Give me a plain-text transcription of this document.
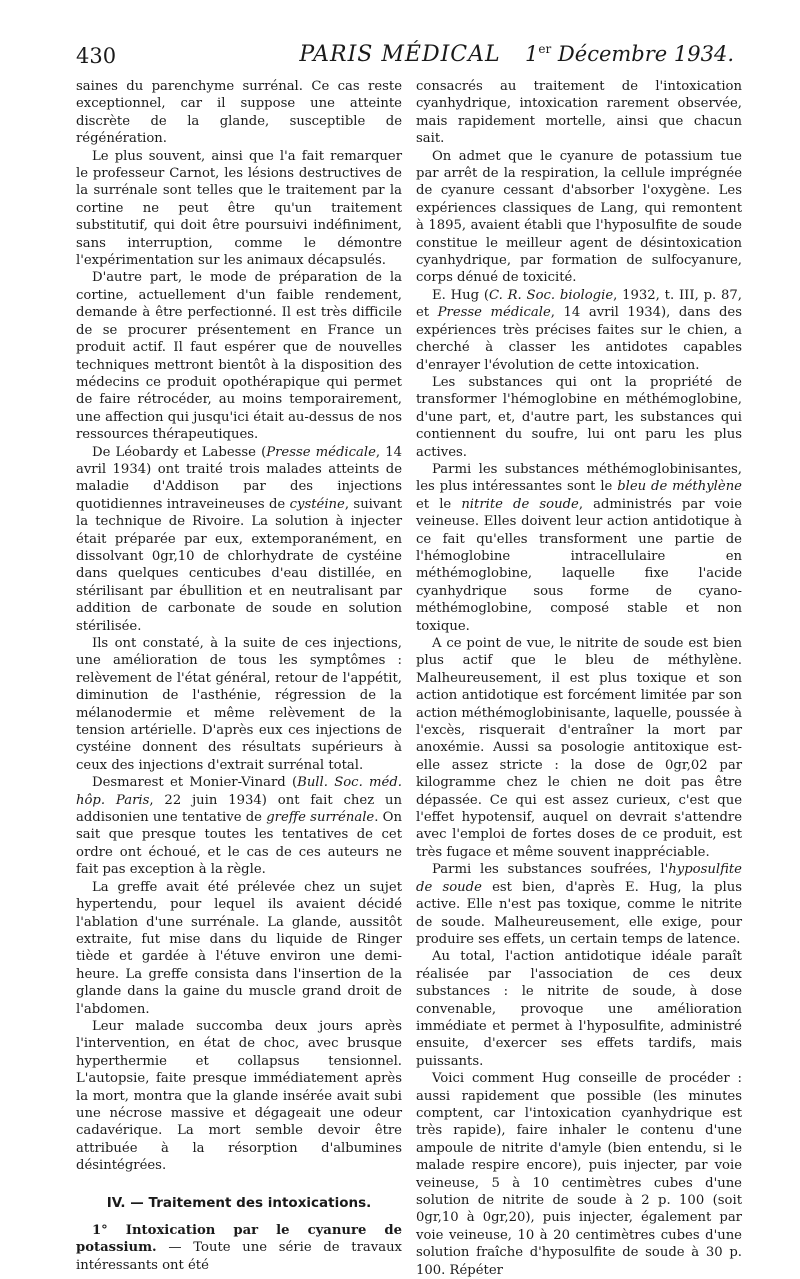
430	PARIS MÉDICAL	1er Décembre 1934.

saines du parenchyme surrénal. Ce cas reste exceptionnel, car il suppose une atteinte discrète de la glande, susceptible de régénération.

Le plus souvent, ainsi que l'a fait remarquer le professeur Carnot, les lésions destructives de la surrénale sont telles que le traitement par la cortine ne peut être qu'un traitement substitutif, qui doit être poursuivi indéfiniment, sans interruption, comme le démontre l'expérimentation sur les animaux décapsulés.

D'autre part, le mode de préparation de la cortine, actuellement d'un faible rendement, demande à être perfectionné. Il est très difficile de se procurer présentement en France un produit actif. Il faut espérer que de nouvelles techniques mettront bientôt à la disposition des médecins ce produit opothérapique qui permet de faire rétrocéder, au moins temporairement, une affection qui jusqu'ici était au-dessus de nos ressources thérapeutiques.

De Léobardy et Labesse (Presse médicale, 14 avril 1934) ont traité trois malades atteints de maladie d'Addison par des injections quotidiennes intraveineuses de cystéine, suivant la technique de Rivoire. La solution à injecter était préparée par eux, extemporanément, en dissolvant 0gr,10 de chlorhydrate de cystéine dans quelques centicubes d'eau distillée, en stérilisant par ébullition et en neutralisant par addition de carbonate de soude en solution stérilisée.

Ils ont constaté, à la suite de ces injections, une amélioration de tous les symptômes : relèvement de l'état général, retour de l'appétit, diminution de l'asthénie, régression de la mélanodermie et même relèvement de la tension artérielle. D'après eux ces injections de cystéine donnent des résultats supérieurs à ceux des injections d'extrait surrénal total.

Desmarest et Monier-Vinard (Bull. Soc. méd. hôp. Paris, 22 juin 1934) ont fait chez un addisonien une tentative de greffe surrénale. On sait que presque toutes les tentatives de cet ordre ont échoué, et le cas de ces auteurs ne fait pas exception à la règle.

La greffe avait été prélevée chez un sujet hypertendu, pour lequel ils avaient décidé l'ablation d'une surrénale. La glande, aussitôt extraite, fut mise dans du liquide de Ringer tiède et gardée à l'étuve environ une demi-heure. La greffe consista dans l'insertion de la glande dans la gaine du muscle grand droit de l'abdomen.

Leur malade succomba deux jours après l'intervention, en état de choc, avec brusque hyperthermie et collapsus tensionnel. L'autopsie, faite presque immédiatement après la mort, montra que la glande insérée avait subi une nécrose massive et dégageait une odeur cadavérique. La mort semble devoir être attribuée à la résorption d'albumines désintégrées.

IV. — Traitement des intoxications.

1° Intoxication par le cyanure de potassium. — Toute une série de travaux intéressants ont été

consacrés au traitement de l'intoxication cyanhydrique, intoxication rarement observée, mais rapidement mortelle, ainsi que chacun sait.

On admet que le cyanure de potassium tue par arrêt de la respiration, la cellule imprégnée de cyanure cessant d'absorber l'oxygène. Les expériences classiques de Lang, qui remontent à 1895, avaient établi que l'hyposulfite de soude constitue le meilleur agent de désintoxication cyanhydrique, par formation de sulfocyanure, corps dénué de toxicité.

E. Hug (C. R. Soc. biologie, 1932, t. III, p. 87, et Presse médicale, 14 avril 1934), dans des expériences très précises faites sur le chien, a cherché à classer les antidotes capables d'enrayer l'évolution de cette intoxication.

Les substances qui ont la propriété de transformer l'hémoglobine en méthémoglobine, d'une part, et, d'autre part, les substances qui contiennent du soufre, lui ont paru les plus actives.

Parmi les substances méthémoglobinisantes, les plus intéressantes sont le bleu de méthylène et le nitrite de soude, administrés par voie veineuse. Elles doivent leur action antidotique à ce fait qu'elles transforment une partie de l'hémoglobine intracellulaire en méthémoglobine, laquelle fixe l'acide cyanhydrique sous forme de cyano-méthémoglobine, composé stable et non toxique.

A ce point de vue, le nitrite de soude est bien plus actif que le bleu de méthylène. Malheureusement, il est plus toxique et son action antidotique est forcément limitée par son action méthémoglobinisante, laquelle, poussée à l'excès, risquerait d'entraîner la mort par anoxémie. Aussi sa posologie antitoxique est-elle assez stricte : la dose de 0gr,02 par kilogramme chez le chien ne doit pas être dépassée. Ce qui est assez curieux, c'est que l'effet hypotensif, auquel on devrait s'attendre avec l'emploi de fortes doses de ce produit, est très fugace et même souvent inappréciable.

Parmi les substances soufrées, l'hyposulfite de soude est bien, d'après E. Hug, la plus active. Elle n'est pas toxique, comme le nitrite de soude. Malheureusement, elle exige, pour produire ses effets, un certain temps de latence.

Au total, l'action antidotique idéale paraît réalisée par l'association de ces deux substances : le nitrite de soude, à dose convenable, provoque une amélioration immédiate et permet à l'hyposulfite, administré ensuite, d'exercer ses effets tardifs, mais puissants.

Voici comment Hug conseille de procéder : aussi rapidement que possible (les minutes comptent, car l'intoxication cyanhydrique est très rapide), faire inhaler le contenu d'une ampoule de nitrite d'amyle (bien entendu, si le malade respire encore), puis injecter, par voie veineuse, 5 à 10 centimètres cubes d'une solution de nitrite de soude à 2 p. 100 (soit 0gr,10 à 0gr,20), puis injecter, également par voie veineuse, 10 à 20 centimètres cubes d'une solution fraîche d'hyposulfite de soude à 30 p. 100. Répéter
